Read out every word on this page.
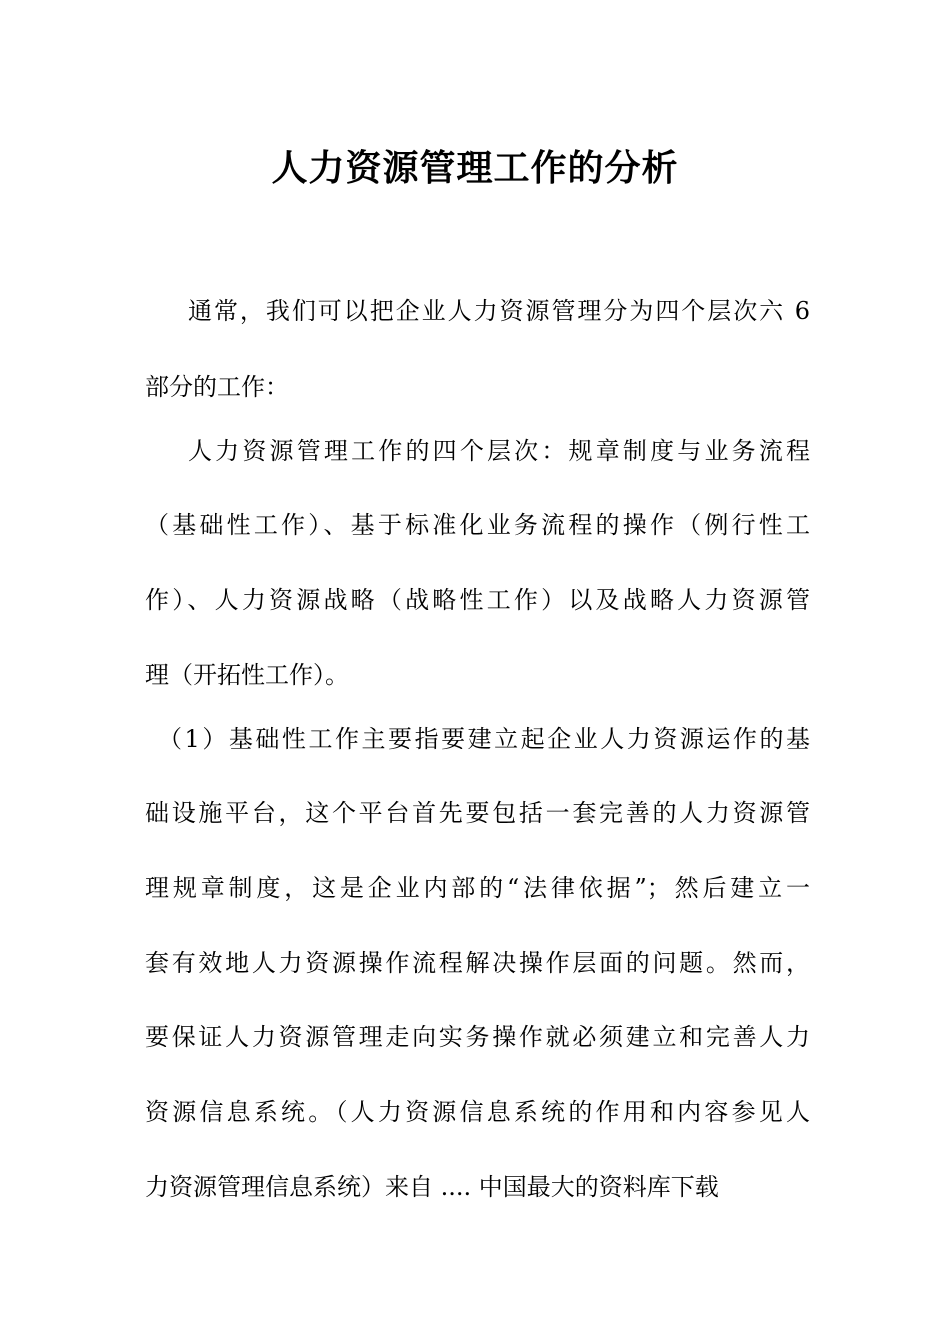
人力资源管理工作的分析
通常，我们可以把企业人力资源管理分为四个层次六 6
部分的工作：
人力资源管理工作的四个层次：规章制度与业务流程
（基础性工作）、基于标准化业务流程的操作（例行性工
作）、人力资源战略（战略性工作）以及战略人力资源管
理（开拓性工作）。
（1）基础性工作主要指要建立起企业人力资源运作的基
础设施平台，这个平台首先要包括一套完善的人力资源管
理规章制度，这是企业内部的“法律依据”；然后建立一
套有效地人力资源操作流程解决操作层面的问题。然而，
要保证人力资源管理走向实务操作就必须建立和完善人力
资源信息系统。（人力资源信息系统的作用和内容参见人
力资源管理信息系统）来自 .... 中国最大的资料库下载
